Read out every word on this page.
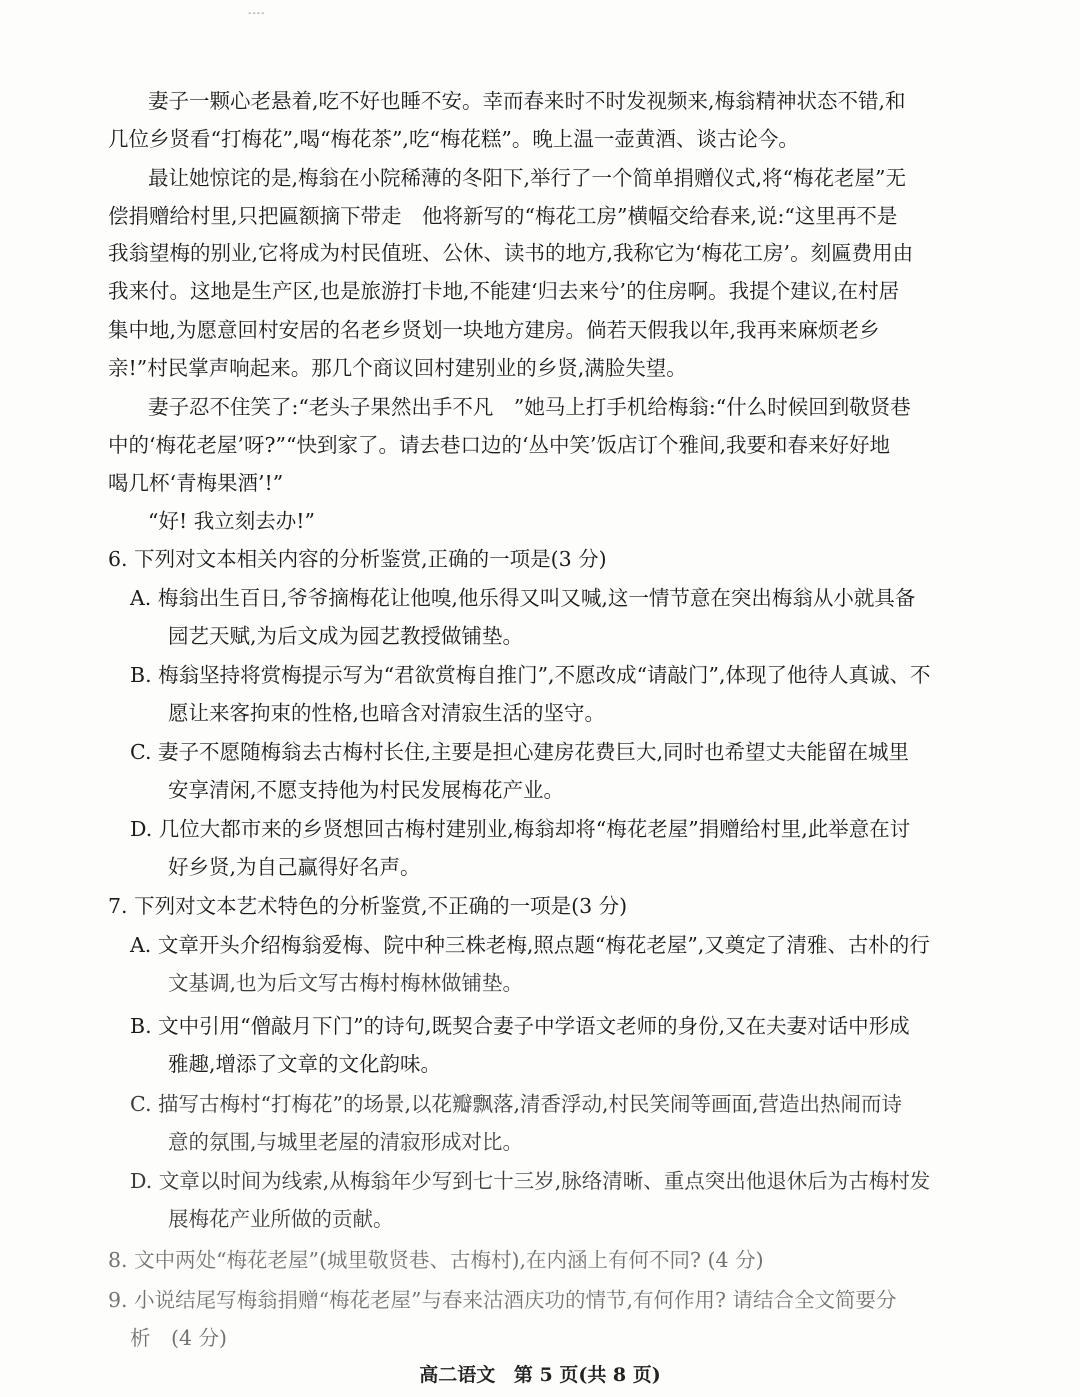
----
妻子一颗心老悬着,吃不好也睡不安。幸而春来时不时发视频来,梅翁精神状态不错,和
几位乡贤看“打梅花”,喝“梅花茶”,吃“梅花糕”。晚上温一壶黄酒、谈古论今。
最让她惊诧的是,梅翁在小院稀薄的冬阳下,举行了一个简单捐赠仪式,将“梅花老屋”无
偿捐赠给村里,只把匾额摘下带走　他将新写的“梅花工房”横幅交给春来,说:“这里再不是
我翁望梅的别业,它将成为村民值班、公休、读书的地方,我称它为‘梅花工房’。刻匾费用由
我来付。这地是生产区,也是旅游打卡地,不能建‘归去来兮’的住房啊。我提个建议,在村居
集中地,为愿意回村安居的名老乡贤划一块地方建房。倘若天假我以年,我再来麻烦老乡
亲!”村民掌声响起来。那几个商议回村建别业的乡贤,满脸失望。
妻子忍不住笑了:“老头子果然出手不凡　”她马上打手机给梅翁:“什么时候回到敬贤巷
中的‘梅花老屋’呀?”“快到家了。请去巷口边的‘丛中笑’饭店订个雅间,我要和春来好好地
喝几杯‘青梅果酒’!”
“好! 我立刻去办!”
6. 下列对文本相关内容的分析鉴赏,正确的一项是(3 分)
A. 梅翁出生百日,爷爷摘梅花让他嗅,他乐得又叫又喊,这一情节意在突出梅翁从小就具备
园艺天赋,为后文成为园艺教授做铺垫。
B. 梅翁坚持将赏梅提示写为“君欲赏梅自推门”,不愿改成“请敲门”,体现了他待人真诚、不
愿让来客拘束的性格,也暗含对清寂生活的坚守。
C. 妻子不愿随梅翁去古梅村长住,主要是担心建房花费巨大,同时也希望丈夫能留在城里
安享清闲,不愿支持他为村民发展梅花产业。
D. 几位大都市来的乡贤想回古梅村建别业,梅翁却将“梅花老屋”捐赠给村里,此举意在讨
好乡贤,为自己赢得好名声。
7. 下列对文本艺术特色的分析鉴赏,不正确的一项是(3 分)
A. 文章开头介绍梅翁爱梅、院中种三株老梅,照点题“梅花老屋”,又奠定了清雅、古朴的行
文基调,也为后文写古梅村梅林做铺垫。
B. 文中引用“僧敲月下门”的诗句,既契合妻子中学语文老师的身份,又在夫妻对话中形成
雅趣,增添了文章的文化韵味。
C. 描写古梅村“打梅花”的场景,以花瓣飘落,清香浮动,村民笑闹等画面,营造出热闹而诗
意的氛围,与城里老屋的清寂形成对比。
D. 文章以时间为线索,从梅翁年少写到七十三岁,脉络清晰、重点突出他退休后为古梅村发
展梅花产业所做的贡献。
8. 文中两处“梅花老屋”(城里敬贤巷、古梅村),在内涵上有何不同? (4 分)
9. 小说结尾写梅翁捐赠“梅花老屋”与春来沽酒庆功的情节,有何作用? 请结合全文简要分
析　(4 分)
高二语文 第 5 页(共 8 页)
